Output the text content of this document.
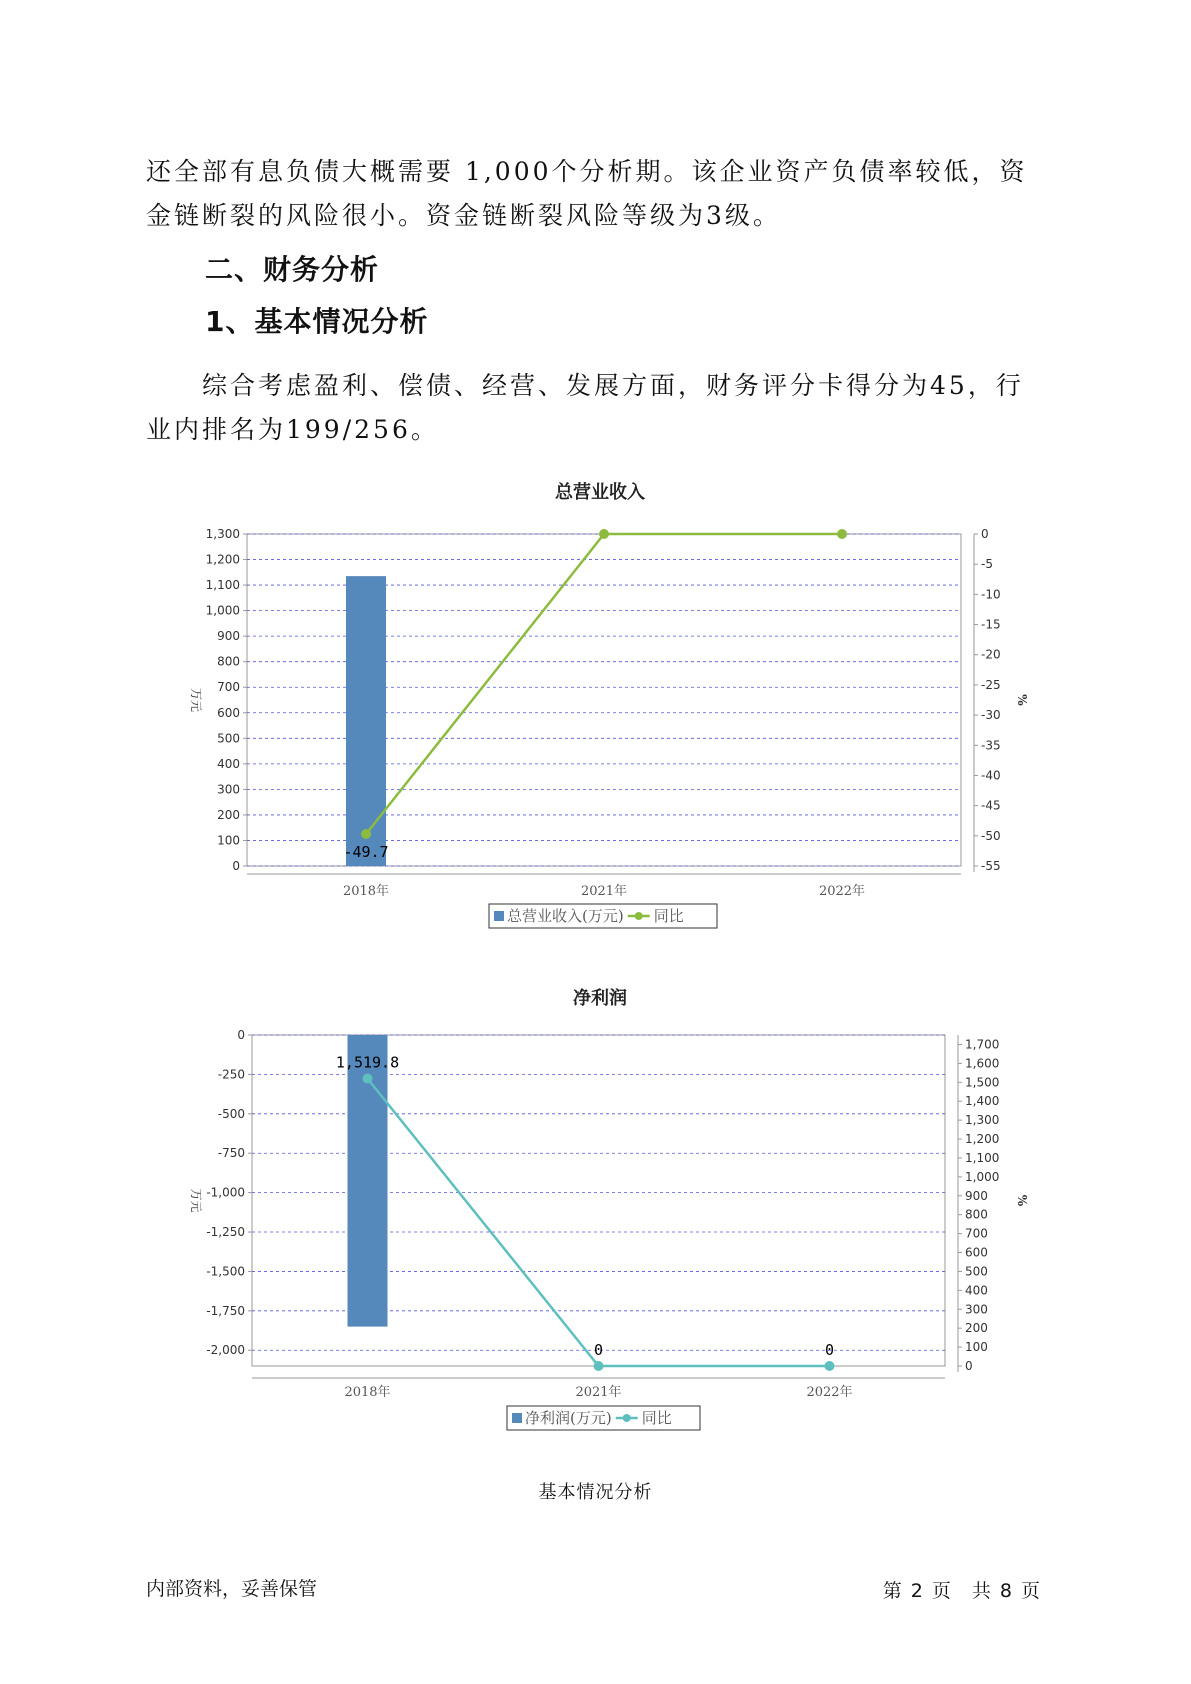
还全部有息负债大概需要 1,000个分析期。该企业资产负债率较低，资金链断裂的风险很小。资金链断裂风险等级为3级。

二、财务分析
1、基本情况分析

综合考虑盈利、偿债、经营、发展方面，财务评分卡得分为45，行业内排名为199/256。

总营业收入
0
100
200
300
400
500
600
700
800
900
1,000
1,100
1,200
1,300	0
-5
-10
-15
-20
-25
-30
-35
-40
-45
-50
-55
万元	%
2018年	2021年	2022年
-49.7
总营业收入(万元) 同比
净利润
0
-250
-500
-750
-1,000
-1,250
-1,500
-1,750
-2,000
0
100
200
300
400
500
600
700
800
900
1,000
1,100
1,200
1,300
1,400
1,500
1,600
1,700
万元	%
2018年	2021年	2022年
1,519.8
0	0
净利润(万元) 同比
基本情况分析
内部资料，妥善保管	第 2 页　共 8 页
